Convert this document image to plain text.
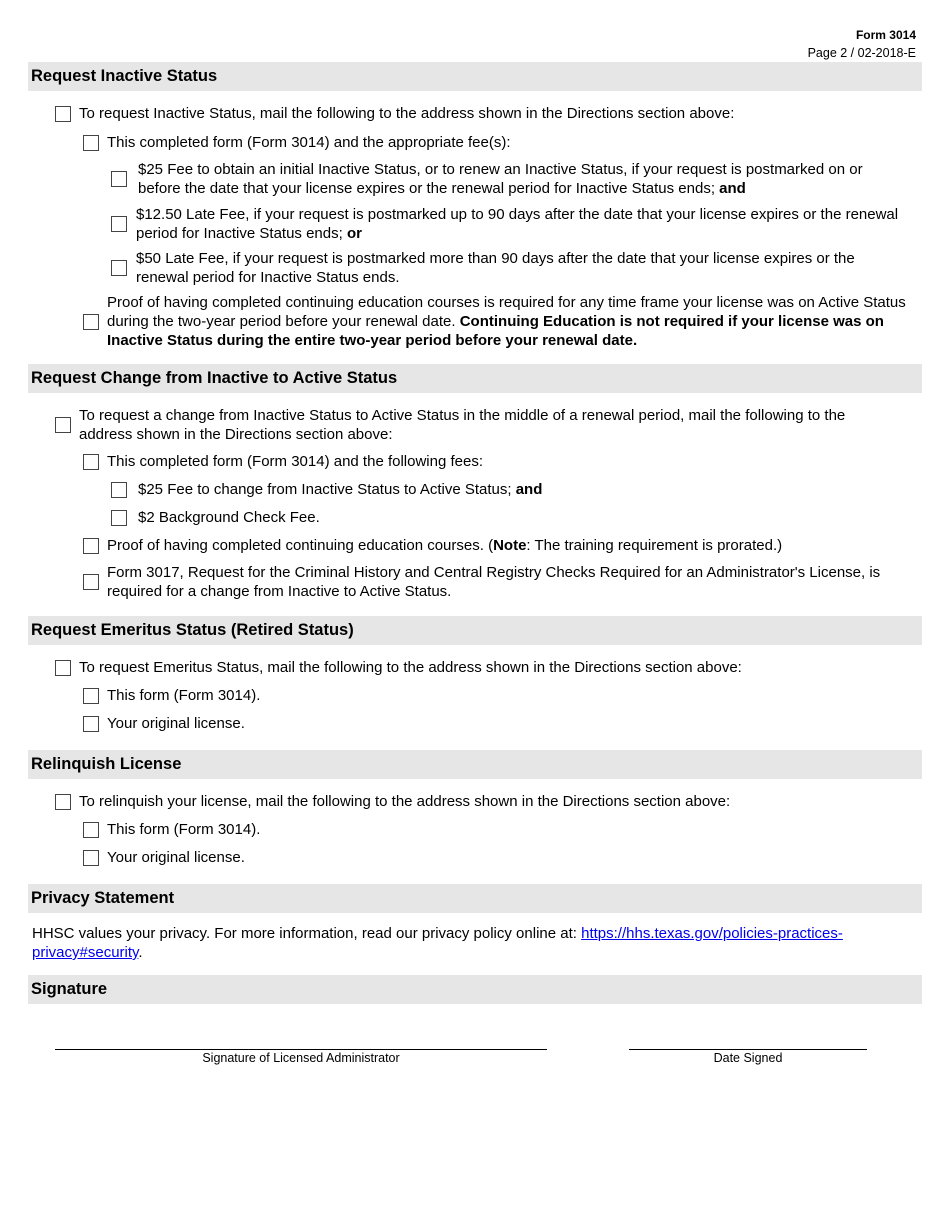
Form 3014
Page 2 / 02-2018-E
Request Inactive Status
To request Inactive Status, mail the following to the address shown in the Directions section above:
This completed form (Form 3014) and the appropriate fee(s):
$25 Fee to obtain an initial Inactive Status, or to renew an Inactive Status, if your request is postmarked on or before the date that your license expires or the renewal period for Inactive Status ends; and
$12.50 Late Fee, if your request is postmarked up to 90 days after the date that your license expires or the renewal period for Inactive Status ends; or
$50 Late Fee, if your request is postmarked more than 90 days after the date that your license expires or the renewal period for Inactive Status ends.
Proof of having completed continuing education courses is required for any time frame your license was on Active Status during the two-year period before your renewal date. Continuing Education is not required if your license was on Inactive Status during the entire two-year period before your renewal date.
Request Change from Inactive to Active Status
To request a change from Inactive Status to Active Status in the middle of a renewal period, mail the following to the address shown in the Directions section above:
This completed form (Form 3014) and the following fees:
$25 Fee to change from Inactive Status to Active Status; and
$2 Background Check Fee.
Proof of having completed continuing education courses. (Note: The training requirement is prorated.)
Form 3017, Request for the Criminal History and Central Registry Checks Required for an Administrator's License, is required for a change from Inactive to Active Status.
Request Emeritus Status (Retired Status)
To request Emeritus Status, mail the following to the address shown in the Directions section above:
This form (Form 3014).
Your original license.
Relinquish License
To relinquish your license, mail the following to the address shown in the Directions section above:
This form (Form 3014).
Your original license.
Privacy Statement
HHSC values your privacy. For more information, read our privacy policy online at: https://hhs.texas.gov/policies-practices-
privacy#security.
Signature
Signature of Licensed Administrator	Date Signed
